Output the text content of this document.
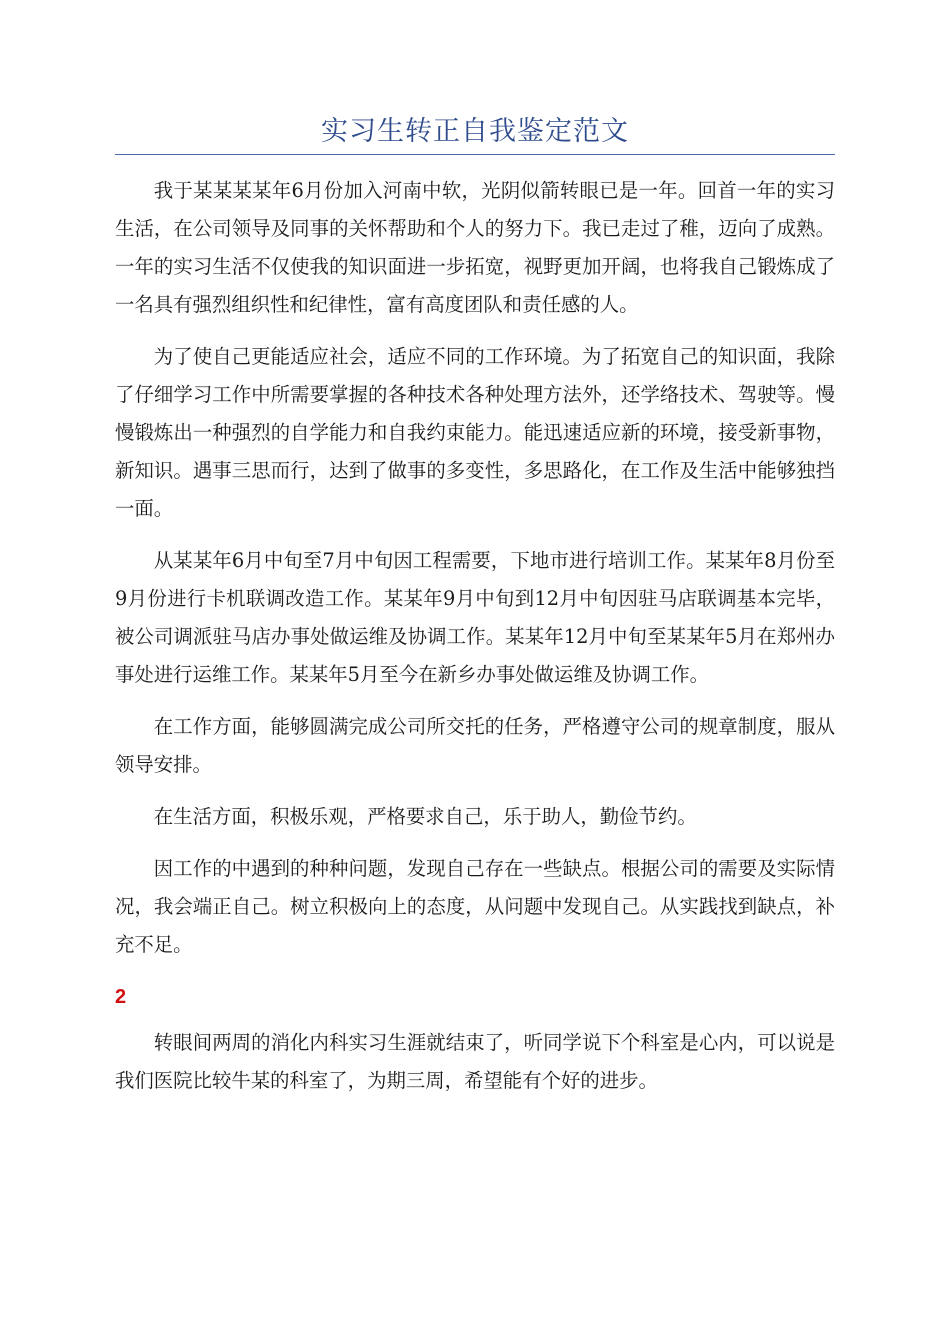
实习生转正自我鉴定范文

我于某某某某年6月份加入河南中软，光阴似箭转眼已是一年。回首一年的实习生活，在公司领导及同事的关怀帮助和个人的努力下。我已走过了稚，迈向了成熟。一年的实习生活不仅使我的知识面进一步拓宽，视野更加开阔，也将我自己锻炼成了一名具有强烈组织性和纪律性，富有高度团队和责任感的人。

为了使自己更能适应社会，适应不同的工作环境。为了拓宽自己的知识面，我除了仔细学习工作中所需要掌握的各种技术各种处理方法外，还学络技术、驾驶等。慢慢锻炼出一种强烈的自学能力和自我约束能力。能迅速适应新的环境，接受新事物，新知识。遇事三思而行，达到了做事的多变性，多思路化，在工作及生活中能够独挡一面。

从某某年6月中旬至7月中旬因工程需要，下地市进行培训工作。某某年8月份至9月份进行卡机联调改造工作。某某年9月中旬到12月中旬因驻马店联调基本完毕，被公司调派驻马店办事处做运维及协调工作。某某年12月中旬至某某年5月在郑州办事处进行运维工作。某某年5月至今在新乡办事处做运维及协调工作。

在工作方面，能够圆满完成公司所交托的任务，严格遵守公司的规章制度，服从领导安排。

在生活方面，积极乐观，严格要求自己，乐于助人，勤俭节约。

因工作的中遇到的种种问题，发现自己存在一些缺点。根据公司的需要及实际情况，我会端正自己。树立积极向上的态度，从问题中发现自己。从实践找到缺点，补充不足。

2

转眼间两周的消化内科实习生涯就结束了，听同学说下个科室是心内，可以说是我们医院比较牛某的科室了，为期三周，希望能有个好的进步。
